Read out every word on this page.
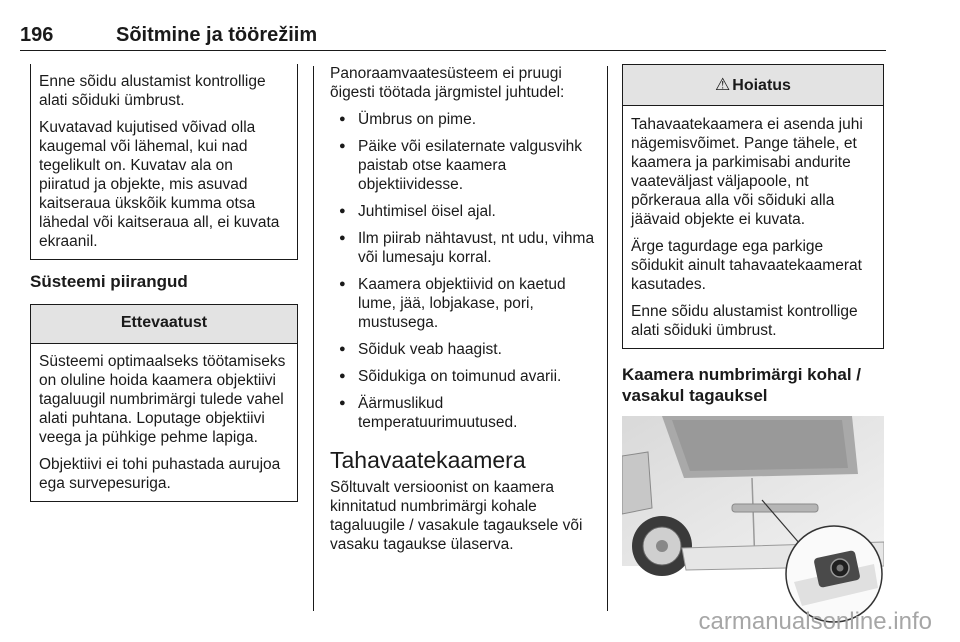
196	Sõitmine ja töörežiim

Enne sõidu alustamist kontrollige alati sõiduki ümbrust.

Kuvatavad kujutised võivad olla kaugemal või lähemal, kui nad tegelikult on. Kuvatav ala on piiratud ja objekte, mis asuvad kaitseraua ükskõik kumma otsa lähedal või kaitseraua all, ei kuvata ekraanil.

Süsteemi piirangud
Ettevaatust

Süsteemi optimaalseks töötamiseks on oluline hoida kaamera objektiivi tagaluugil numbrimärgi tulede vahel alati puhtana. Loputage objektiivi veega ja pühkige pehme lapiga.

Objektiivi ei tohi puhastada aurujoa ega survepesuriga.

Panoraamvaatesüsteem ei pruugi õigesti töötada järgmistel juhtudel:

● Ümbrus on pime.
● Päike või esilaternate valgusvihk paistab otse kaamera objektiividesse.
● Juhtimisel öisel ajal.
● Ilm piirab nähtavust, nt udu, vihma või lumesaju korral.
● Kaamera objektiivid on kaetud lume, jää, lobjakase, pori, mustusega.
● Sõiduk veab haagist.
● Sõidukiga on toimunud avarii.
● Äärmuslikud temperatuurimuutused.
Tahavaatekaamera

Sõltuvalt versioonist on kaamera kinnitatud numbrimärgi kohale tagaluugile / vasakule tagauksele või vasaku tagaukse ülaserva.

⚠ Hoiatus

Tahavaatekaamera ei asenda juhi nägemisvõimet. Pange tähele, et kaamera ja parkimisabi andurite vaateväljast väljapoole, nt põrkeraua alla või sõiduki alla jäävaid objekte ei kuvata.

Ärge tagurdage ega parkige sõidukit ainult tahavaatekaamerat kasutades.

Enne sõidu alustamist kontrollige alati sõiduki ümbrust.

Kaamera numbrimärgi kohal / vasakul tagauksel
carmanualsonline.info
